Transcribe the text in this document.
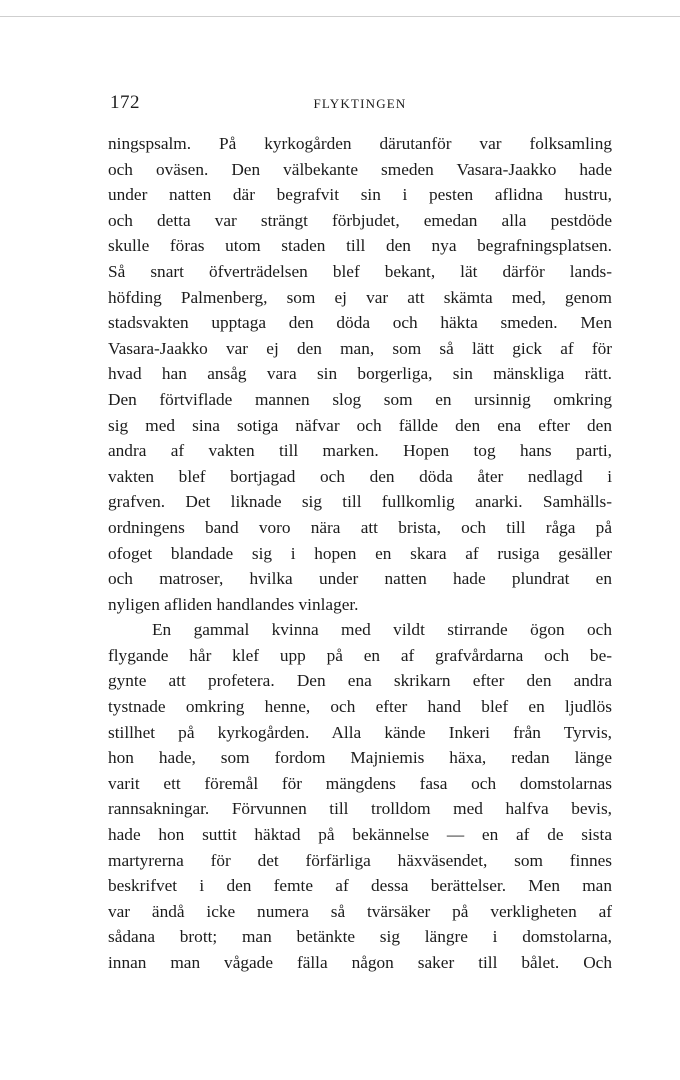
172	FLYKTINGEN
ningspsalm. På kyrkogården därutanför var folksamling
och oväsen. Den välbekante smeden Vasara-Jaakko hade
under natten där begrafvit sin i pesten aflidna hustru,
och detta var strängt förbjudet, emedan alla pestdöde
skulle föras utom staden till den nya begrafningsplatsen.
Så snart öfverträdelsen blef bekant, lät därför lands-
höfding Palmenberg, som ej var att skämta med, genom
stadsvakten upptaga den döda och häkta smeden. Men
Vasara-Jaakko var ej den man, som så lätt gick af för
hvad han ansåg vara sin borgerliga, sin mänskliga rätt.
Den förtviflade mannen slog som en ursinnig omkring
sig med sina sotiga näfvar och fällde den ena efter den
andra af vakten till marken. Hopen tog hans parti,
vakten blef bortjagad och den döda åter nedlagd i
grafven. Det liknade sig till fullkomlig anarki. Samhälls-
ordningens band voro nära att brista, och till råga på
ofoget blandade sig i hopen en skara af rusiga gesäller
och matroser, hvilka under natten hade plundrat en
nyligen afliden handlandes vinlager.
En gammal kvinna med vildt stirrande ögon och
flygande hår klef upp på en af grafvårdarna och be-
gynte att profetera. Den ena skrikarn efter den andra
tystnade omkring henne, och efter hand blef en ljudlös
stillhet på kyrkogården. Alla kände Inkeri från Tyrvis,
hon hade, som fordom Majniemis häxa, redan länge
varit ett föremål för mängdens fasa och domstolarnas
rannsakningar. Förvunnen till trolldom med halfva bevis,
hade hon suttit häktad på bekännelse — en af de sista
martyrerna för det förfärliga häxväsendet, som finnes
beskrifvet i den femte af dessa berättelser. Men man
var ändå icke numera så tvärsäker på verkligheten af
sådana brott; man betänkte sig längre i domstolarna,
innan man vågade fälla någon saker till bålet. Och
